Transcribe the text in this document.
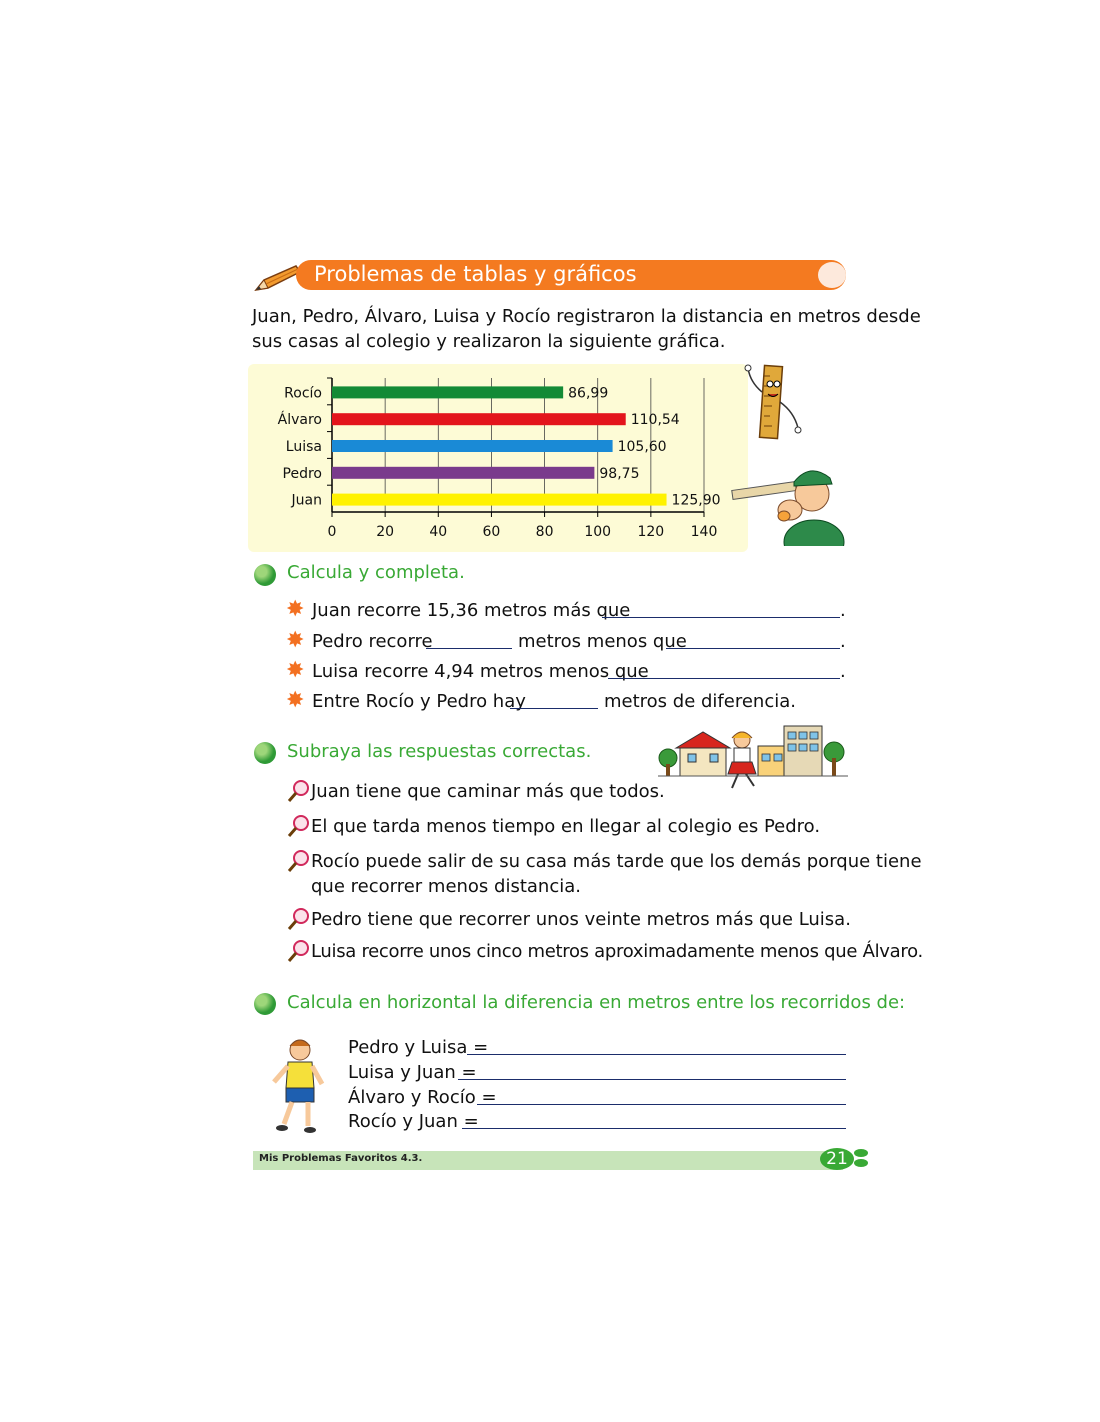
Problemas de tablas y gráficos
Juan, Pedro, Álvaro, Luisa y Rocío registraron la distancia en metros desde
sus casas al colegio y realizaron la siguiente gráfica.
0	20	40	60	80 100 120 140
Rocío	86,99
Álvaro	110,54
Luisa	105,60
Pedro	98,75
Juan	125,90
Calcula y completa.
✸ Juan recorre 15,36 metros más que	.
✸ Pedro recorre	metros menos que	.
✸ Luisa recorre 4,94 metros menos que	.
✸ Entre Rocío y Pedro hay	metros de diferencia.
Subraya las respuestas correctas.
Juan tiene que caminar más que todos.
El que tarda menos tiempo en llegar al colegio es Pedro.
Rocío puede salir de su casa más tarde que los demás porque tiene
que recorrer menos distancia.
Pedro tiene que recorrer unos veinte metros más que Luisa.
Luisa recorre unos cinco metros aproximadamente menos que Álvaro.
Calcula en horizontal la diferencia en metros entre los recorridos de:
Pedro y Luisa =
Luisa y Juan =
Álvaro y Rocío =
Rocío y Juan =
Mis Problemas Favoritos 4.3.	21
